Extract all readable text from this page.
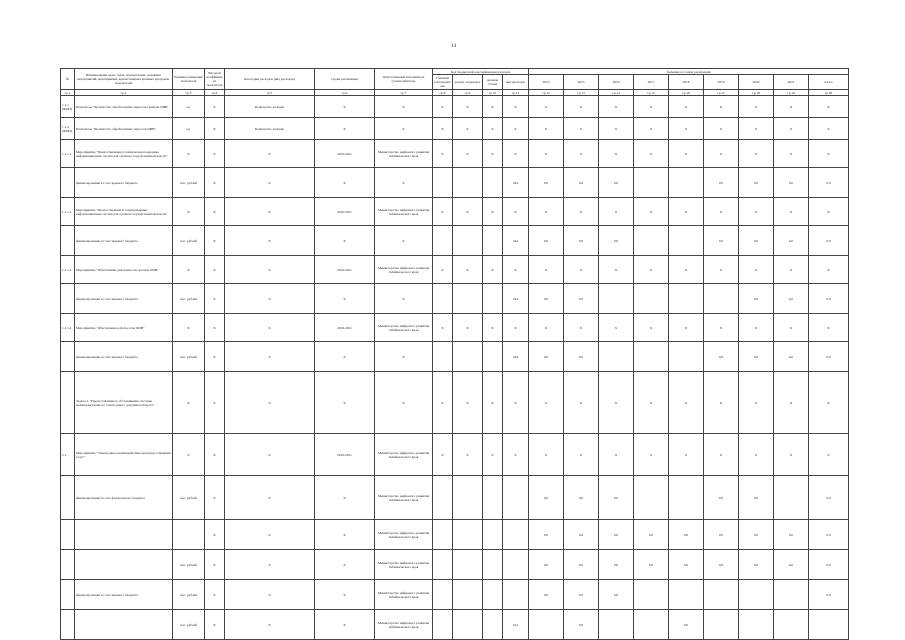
14
№	Наименование цели, задач, подпрограмм, основных мероприятий, мероприятий, ведомственных целевых программ, показателей	Единица измерения показателя	Весовой коэффициент показателя	Категории расходов (вид расходов)	Сроки реализации	Ответственный исполнитель (соисполнитель)	Код бюджетной классификации расходов				Значение по годам реализации								
							Главный распорядитель	раздел, подраздел	целевая статья	вид расходов	2014	2015	2016	2017	2018	2019	2020	2021	итого
гр.1	гр.2	гр.3	гр.4	гр.5	гр.6	гр.7	гр.8	гр.9	гр.10	гр.11	гр.12	гр.13	гр.14	гр.15	гр.16	гр.17	гр.18	гр.19	гр.20
1.1.1 (ФОИ)	Показатель "Количество обработанных запросов граждан ОИВ"	ед.	Х	Количество человек	Х	Х	Х	Х	Х	Х	Х	Х	Х	Х	Х	Х	Х	Х	Х
1.1.2 (ФОИ)	Показатель "Количество обработанных запросов ОИВ"	ед.	Х	Количество человек	Х	Х	Х	Х	Х	Х	Х	Х	Х	Х	Х	Х	Х	Х	Х
1.1.1.1	Мероприятие "Предоставление и техническая поддержка информационных систем для органов государственной власти"	Х	Х	Х	2016-2021	Министерство цифрового развития Забайкальского края	Х	Х	Х	Х	Х	Х	Х	Х	Х	Х	Х	Х	Х
	финансирование за счет краевого бюджета	тыс. рублей	Х	Х	Х	Х				244	0,0	0,0	0,0			0,0	0,0	0,0	0,0
1.1.1.2	Мероприятие "Предоставление и сопровождение информационных систем для органов государственной власти"	Х	Х	Х	2016-2021	Министерство цифрового развития Забайкальского края	Х	Х	Х	Х	Х	Х	Х	Х	Х	Х	Х	Х	Х
	финансирование за счет краевого бюджета	тыс. рублей	Х	Х	Х	Х				244	0,0	0,0	0,0			0,0	0,0	0,0	0,0
1.1.1.3	Мероприятие "Обеспечение деятельности органов ОИВ"	Х	Х	Х	2016-2021	Министерство цифрового развития Забайкальского края	Х	Х	Х	Х	Х	Х	Х	Х	Х	Х	Х	Х	Х
	финансирование за счет краевого бюджета	тыс. рублей	Х	Х	Х	Х				244	0,0	0,0					0,0	0,0	0,0
1.1.1.4	Мероприятие "Обеспечение работы сети ОИВ"	Х	Х	Х	2016-2021	Министерство цифрового развития Забайкальского края	Х	Х	Х	Х	Х	Х	Х	Х	Х	Х	Х	Х	Х
	финансирование за счет краевого бюджета	тыс. рублей	Х	Х	Х	Х				244	0,0	0,0				0,0	0,0	0,0	0,0
	Задача 2. "Предоставление и обслуживание системы межведомственного электронного документооборота"	Х	Х	Х	Х	Х	Х	Х	Х	Х	Х	Х	Х	Х	Х	Х	Х	Х	Х
2.1.	Мероприятие "Электронное взаимодействие при предоставлении услуг"	Х	Х	Х	2016-2021	Министерство цифрового развития Забайкальского края	Х	Х	Х	Х	Х	Х	Х	Х	Х	Х	Х	Х	Х
	финансирование за счет федерального бюджета	тыс. рублей	Х	Х	Х	Министерство цифрового развития Забайкальского края					0,0	0,0	0,0			0,0	0,0		0,0
			Х	Х	Х	Министерство цифрового развития Забайкальского края					0,0	0,0	0,0	0,0	0,0	0,0	0,0	0,0	0,0
		тыс. рублей	Х	Х	Х	Министерство цифрового развития Забайкальского края					0,0	0,0	0,0	0,0	0,0	0,0	0,0	0,0	0,0
	финансирование за счет краевого бюджета	тыс. рублей	Х	Х	Х	Министерство цифрового развития Забайкальского края					0,0	0,0	0,0						0,0
		тыс. рублей	Х	Х	Х	Министерство цифрового развития Забайкальского края				612		0,0			0,0				
